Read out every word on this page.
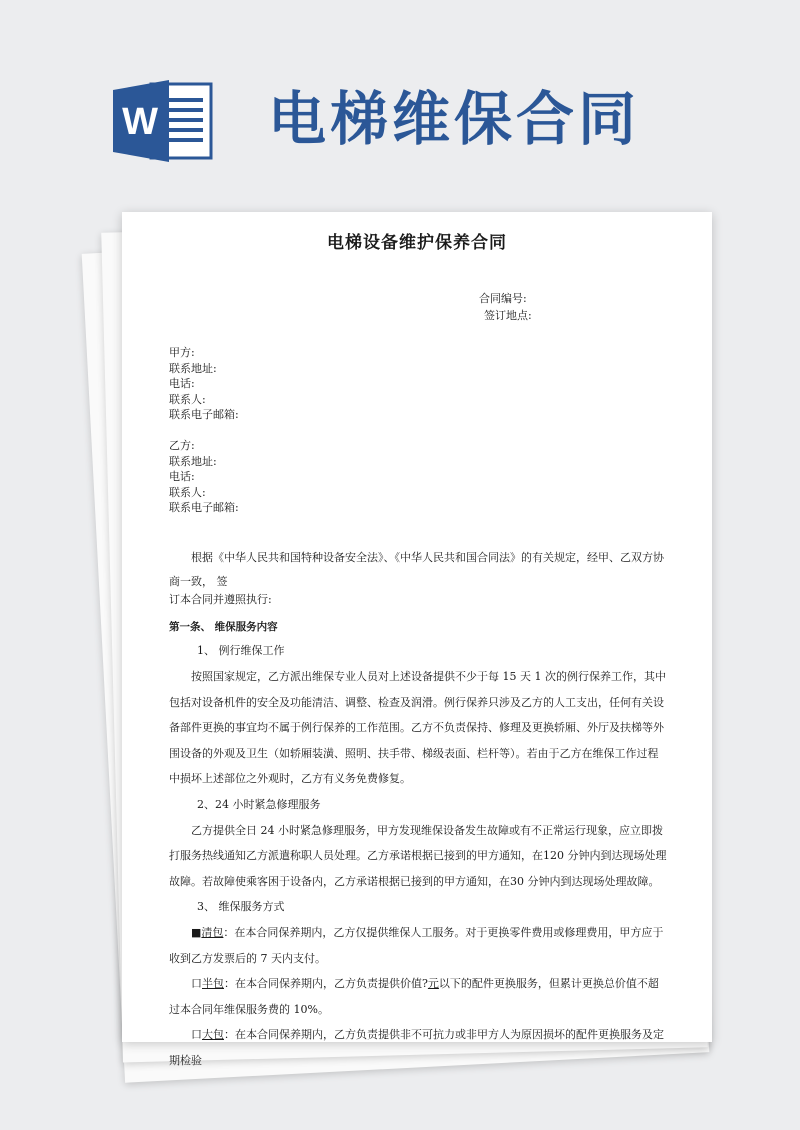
W 电梯维保合同
电梯设备维护保养合同
合同编号:
签订地点:
甲方:
联系地址:
电话:
联系人:
联系电子邮箱:
乙方:
联系地址:
电话:
联系人:
联系电子邮箱:

根据《中华人民共和国特种设备安全法》、《中华人民共和国合同法》的有关规定，经甲、乙双方协商一致， 签

订本合同并遵照执行:

第一条、 维保服务内容
1、 例行维保工作

按照国家规定，乙方派出维保专业人员对上述设备提供不少于每 15 天 1 次的例行保养工作，其中包括对设备机件的安全及功能清洁、调整、检查及润滑。例行保养只涉及乙方的人工支出，任何有关设备部件更换的事宜均不属于例行保养的工作范围。乙方不负责保持、修理及更换轿厢、外厅及扶梯等外围设备的外观及卫生（如轿厢装潢、照明、扶手带、梯级表面、栏杆等）。若由于乙方在维保工作过程中损坏上述部位之外观时，乙方有义务免费修复。

2、24 小时紧急修理服务

乙方提供全日 24 小时紧急修理服务，甲方发现维保设备发生故障或有不正常运行现象，应立即拨打服务热线通知乙方派遣称职人员处理。乙方承诺根据已接到的甲方通知，在120 分钟内到达现场处理故障。若故障使乘客困于设备内，乙方承诺根据已接到的甲方通知，在30 分钟内到达现场处理故障。

3、 维保服务方式

■清包：在本合同保养期内，乙方仅提供维保人工服务。对于更换零件费用或修理费用，甲方应于收到乙方发票后的 7 天内支付。

口半包：在本合同保养期内，乙方负责提供价值?元以下的配件更换服务，但累计更换总价值不超过本合同年维保服务费的 10%。

口大包：在本合同保养期内，乙方负责提供非不可抗力或非甲方人为原因损坏的配件更换服务及定期检验
